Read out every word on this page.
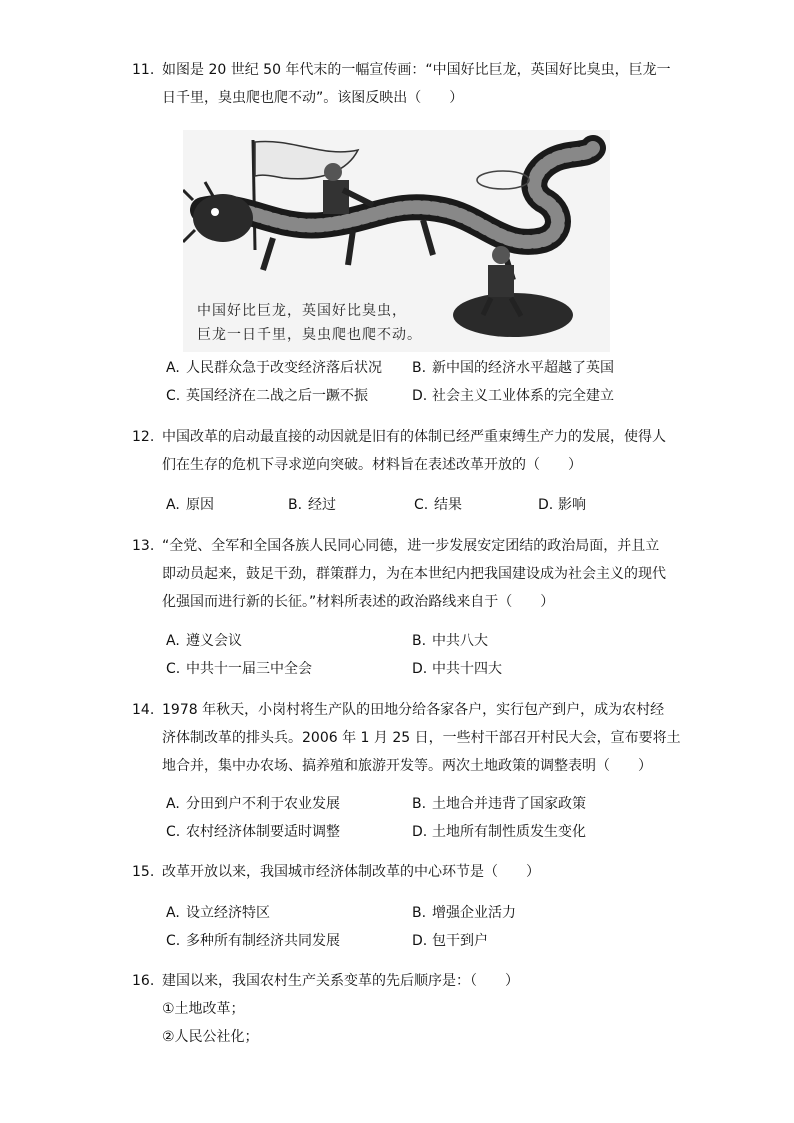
11. 如图是 20 世纪 50 年代末的一幅宣传画：“中国好比巨龙，英国好比臭虫，巨龙一
日千里，臭虫爬也爬不动”。该图反映出（　　）
中国好比巨龙，英国好比臭虫，
巨龙一日千里，臭虫爬也爬不动。
A. 人民群众急于改变经济落后状况 B. 新中国的经济水平超越了英国
C. 英国经济在二战之后一蹶不振	D. 社会主义工业体系的完全建立
12. 中国改革的启动最直接的动因就是旧有的体制已经严重束缚生产力的发展，使得人
们在生存的危机下寻求逆向突破。材料旨在表述改革开放的（　　）
A. 原因	B. 经过	C. 结果	D. 影响
13. “全党、全军和全国各族人民同心同德，进一步发展安定团结的政治局面，并且立
即动员起来，鼓足干劲，群策群力，为在本世纪内把我国建设成为社会主义的现代
化强国而进行新的长征。”材料所表述的政治路线来自于（　　）
A. 遵义会议	B. 中共八大
C. 中共十一届三中全会	D. 中共十四大
14. 1978 年秋天，小岗村将生产队的田地分给各家各户，实行包产到户，成为农村经
济体制改革的排头兵。2006 年 1 月 25 日，一些村干部召开村民大会，宣布要将土
地合并，集中办农场、搞养殖和旅游开发等。两次土地政策的调整表明（　　）
A. 分田到户不利于农业发展	B. 土地合并违背了国家政策
C. 农村经济体制要适时调整	D. 土地所有制性质发生变化
15. 改革开放以来，我国城市经济体制改革的中心环节是（　　）
A. 设立经济特区	B. 增强企业活力
C. 多种所有制经济共同发展	D. 包干到户
16. 建国以来，我国农村生产关系变革的先后顺序是：（　　）
①土地改革；
②人民公社化；
